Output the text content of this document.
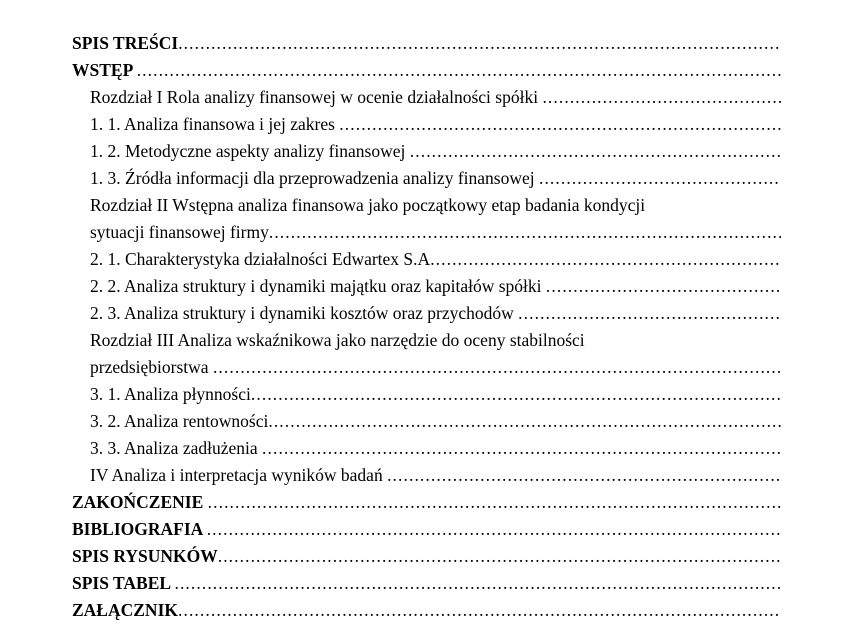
SPIS TREŚCI
.....
WSTĘP
.....
Rozdział I Rola analizy finansowej w ocenie działalności spółki
.....
1. 1. Analiza finansowa i jej zakres
.....
1. 2. Metodyczne aspekty analizy finansowej
.....
1. 3. Źródła informacji dla przeprowadzenia analizy finansowej
.....
Rozdział II Wstępna analiza finansowa jako początkowy etap badania kondycji
sytuacji finansowej firmy
.....
2. 1. Charakterystyka działalności Edwartex S.A
.....
2. 2. Analiza struktury i dynamiki majątku oraz kapitałów spółki
.....
2. 3. Analiza struktury i dynamiki kosztów oraz przychodów
.....
Rozdział III Analiza wskaźnikowa jako narzędzie do oceny stabilności
przedsiębiorstwa
.....
3. 1. Analiza płynności
.....
3. 2. Analiza rentowności
.....
3. 3. Analiza zadłużenia
.....
IV Analiza i interpretacja wyników badań
.....
ZAKOŃCZENIE
.....
BIBLIOGRAFIA
.....
SPIS RYSUNKÓW
.....
SPIS TABEL
.....
ZAŁĄCZNIK
.....
